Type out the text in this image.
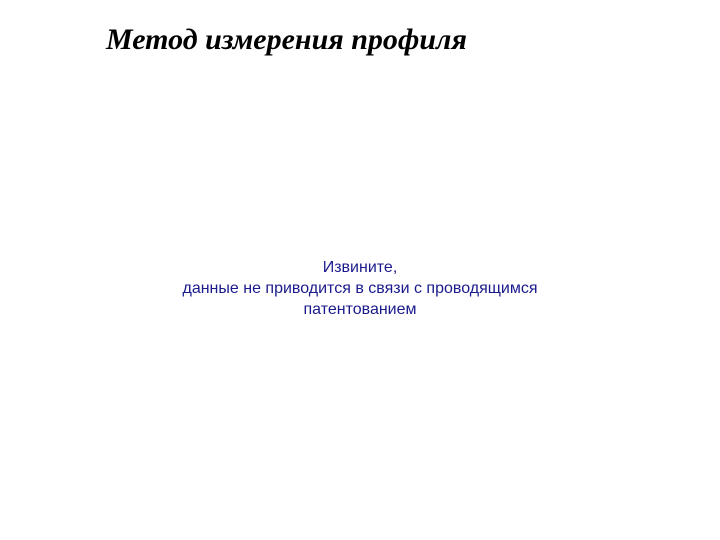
Метод измерения профиля
Извините,
данные не приводится в связи с проводящимся
патентованием
